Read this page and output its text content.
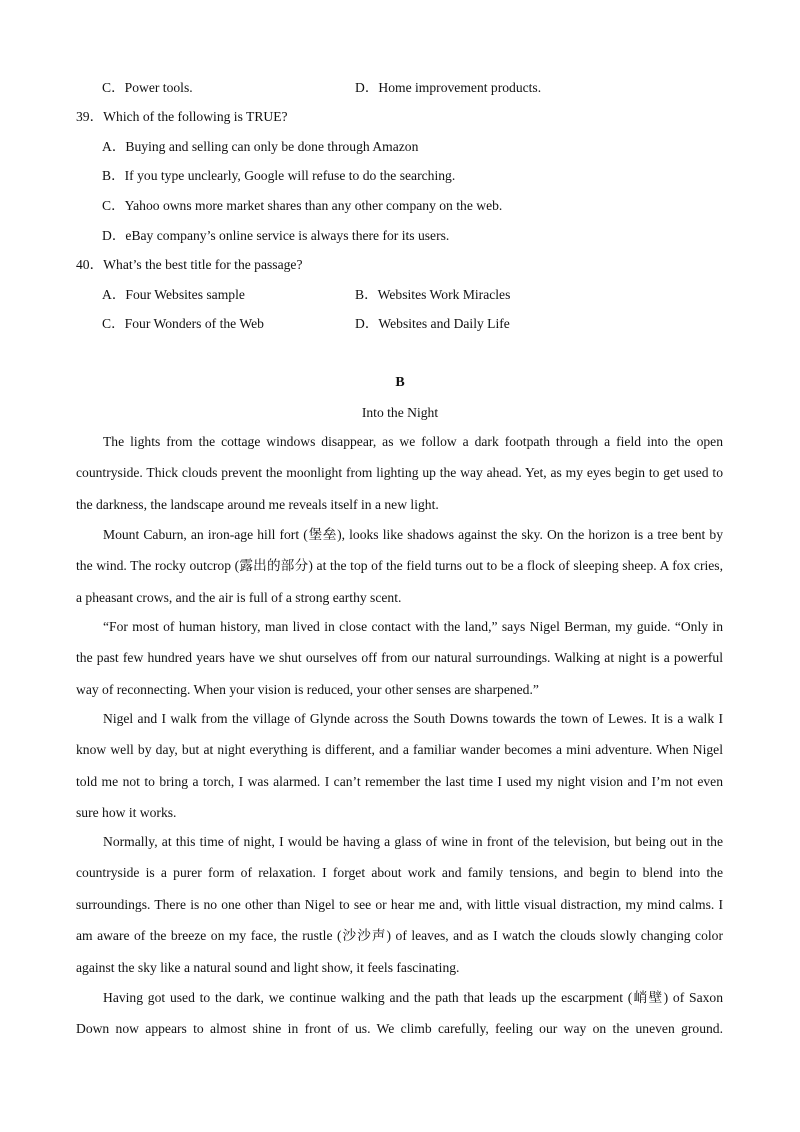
C．Power tools.	D．Home improvement products.
39．Which of the following is TRUE?
A．Buying and selling can only be done through Amazon
B．If you type unclearly, Google will refuse to do the searching.
C．Yahoo owns more market shares than any other company on the web.
D．eBay company’s online service is always there for its users.
40．What’s the best title for the passage?
A．Four Websites sample	B．Websites Work Miracles
C．Four Wonders of the Web	D．Websites and Daily Life
B
Into the Night

The lights from the cottage windows disappear, as we follow a dark footpath through a field into the open countryside. Thick clouds prevent the moonlight from lighting up the way ahead. Yet, as my eyes begin to get used to the darkness, the landscape around me reveals itself in a new light.

Mount Caburn, an iron-age hill fort (堡垒), looks like shadows against the sky. On the horizon is a tree bent by the wind. The rocky outcrop (露出的部分) at the top of the field turns out to be a flock of sleeping sheep. A fox cries, a pheasant crows, and the air is full of a strong earthy scent.

“For most of human history, man lived in close contact with the land,” says Nigel Berman, my guide. “Only in the past few hundred years have we shut ourselves off from our natural surroundings. Walking at night is a powerful way of reconnecting. When your vision is reduced, your other senses are sharpened.”

Nigel and I walk from the village of Glynde across the South Downs towards the town of Lewes. It is a walk I know well by day, but at night everything is different, and a familiar wander becomes a mini adventure. When Nigel told me not to bring a torch, I was alarmed. I can’t remember the last time I used my night vision and I’m not even sure how it works.

Normally, at this time of night, I would be having a glass of wine in front of the television, but being out in the countryside is a purer form of relaxation. I forget about work and family tensions, and begin to blend into the surroundings. There is no one other than Nigel to see or hear me and, with little visual distraction, my mind calms. I am aware of the breeze on my face, the rustle (沙沙声) of leaves, and as I watch the clouds slowly changing color against the sky like a natural sound and light show, it feels fascinating.

Having got used to the dark, we continue walking and the path that leads up the escarpment (峭壁) of Saxon Down now appears to almost shine in front of us. We climb carefully, feeling our way on the uneven ground.
